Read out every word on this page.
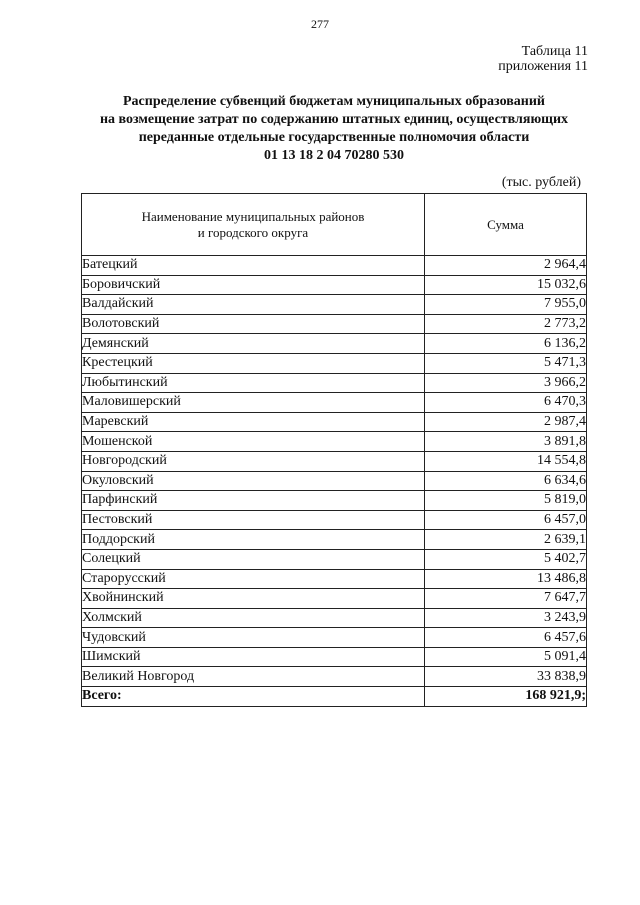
277
Таблица 11
приложения 11
Распределение субвенций бюджетам муниципальных образований
на возмещение затрат по содержанию штатных единиц, осуществляющих
переданные отдельные государственные полномочия области
01 13 18 2 04 70280 530
(тыс. рублей)
Наименование муниципальных районов
и городского округа	Сумма
Батецкий	2 964,4
Боровичский	15 032,6
Валдайский	7 955,0
Волотовский	2 773,2
Демянский	6 136,2
Крестецкий	5 471,3
Любытинский	3 966,2
Маловишерский	6 470,3
Маревский	2 987,4
Мошенской	3 891,8
Новгородский	14 554,8
Окуловский	6 634,6
Парфинский	5 819,0
Пестовский	6 457,0
Поддорский	2 639,1
Солецкий	5 402,7
Старорусский	13 486,8
Хвойнинский	7 647,7
Холмский	3 243,9
Чудовский	6 457,6
Шимский	5 091,4
Великий Новгород	33 838,9
Всего:	168 921,9;
